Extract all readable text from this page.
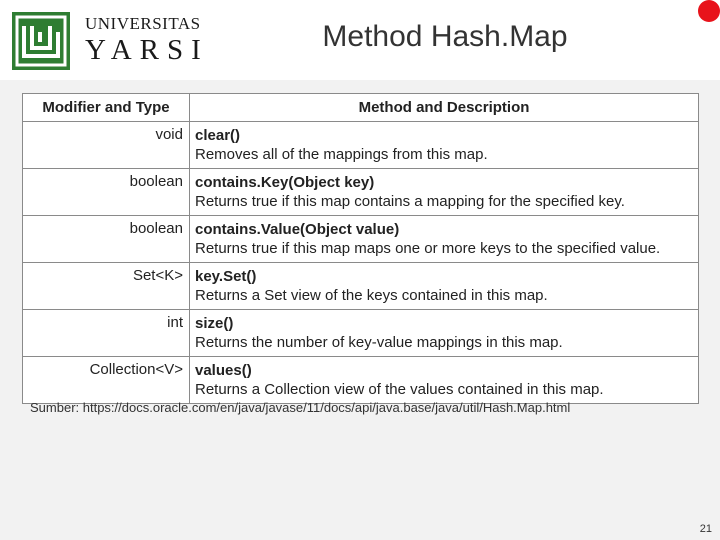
UNIVERSITAS
YARSI	Method Hash.Map
Modifier and Type	Method and Description
void	clear()
Removes all of the mappings from this map.

boolean	contains.Key(Object key)
Returns true if this map contains a mapping for the specified key.

boolean	contains.Value(Object value)
Returns true if this map maps one or more keys to the specified value.

Set<K>	key.Set()
Returns a Set view of the keys contained in this map.

int	size()
Returns the number of key-value mappings in this map.

Collection<V>	values()
Returns a Collection view of the values contained in this map.
Sumber: https://docs.oracle.com/en/java/javase/11/docs/api/java.base/java/util/Hash.Map.html
21
